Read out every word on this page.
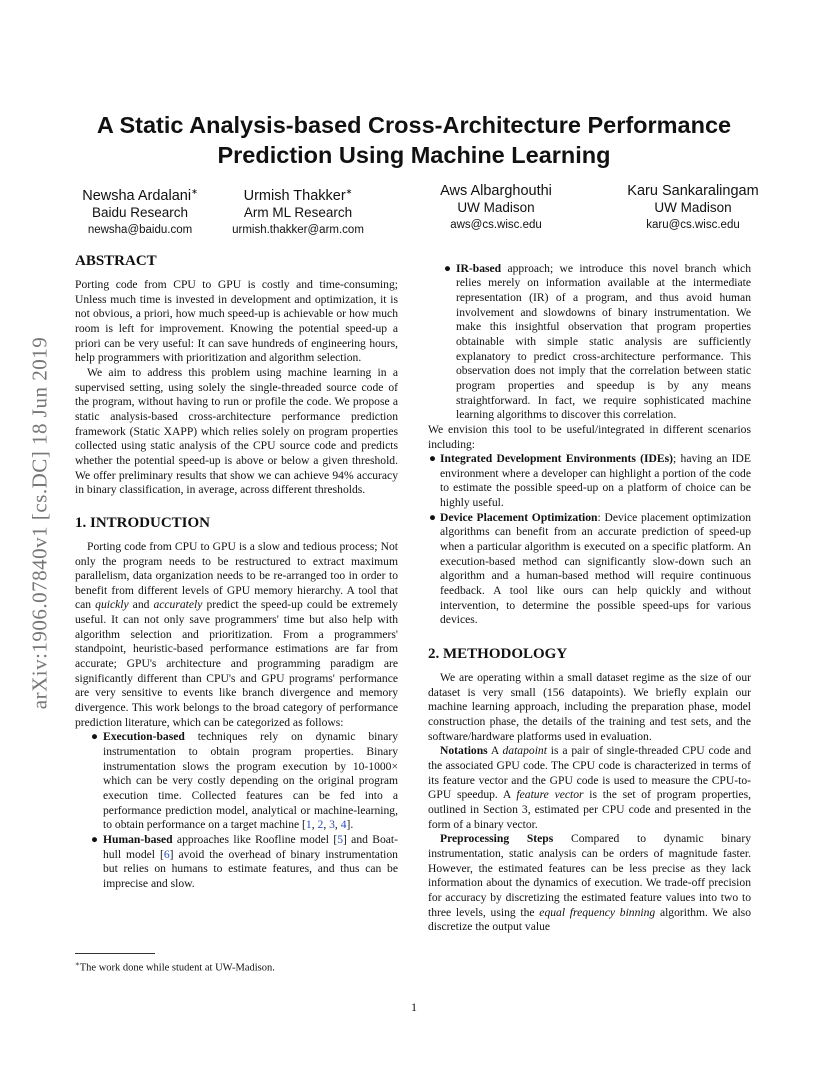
arXiv:1906.07840v1 [cs.DC] 18 Jun 2019
A Static Analysis-based Cross-Architecture Performance
Prediction Using Machine Learning
Newsha Ardalani∗
Baidu Research
newsha@baidu.com
Urmish Thakker∗
Arm ML Research
urmish.thakker@arm.com
Aws Albarghouthi
UW Madison
aws@cs.wisc.edu
Karu Sankaralingam
UW Madison
karu@cs.wisc.edu
ABSTRACT

Porting code from CPU to GPU is costly and time-consuming; Unless much time is invested in development and optimization, it is not obvious, a priori, how much speed-up is achievable or how much room is left for improvement. Knowing the potential speed-up a priori can be very useful: It can save hundreds of engineering hours, help programmers with prioritization and algorithm selection.

We aim to address this problem using machine learning in a supervised setting, using solely the single-threaded source code of the program, without having to run or profile the code. We propose a static analysis-based cross-architecture performance prediction framework (Static XAPP) which relies solely on program properties collected using static analysis of the CPU source code and predicts whether the potential speed-up is above or below a given threshold. We offer preliminary results that show we can achieve 94% accuracy in binary classification, in average, across different thresholds.

1. INTRODUCTION

Porting code from CPU to GPU is a slow and tedious process; Not only the program needs to be restructured to extract maximum parallelism, data organization needs to be re-arranged too in order to benefit from different levels of GPU memory hierarchy. A tool that can quickly and accurately predict the speed-up could be extremely useful. It can not only save programmers' time but also help with algorithm selection and prioritization. From a programmers' standpoint, heuristic-based performance estimations are far from accurate; GPU's architecture and programming paradigm are significantly different than CPU's and GPU programs' performance are very sensitive to events like branch divergence and memory divergence. This work belongs to the broad category of performance prediction literature, which can be categorized as follows:

● Execution-based techniques rely on dynamic binary instrumentation to obtain program properties. Binary instrumentation slows the program execution by 10-1000× which can be very costly depending on the original program execution time. Collected features can be fed into a performance prediction model, analytical or machine-learning, to obtain performance on a target machine [1, 2, 3, 4].
● Human-based approaches like Roofline model [5] and Boat-hull model [6] avoid the overhead of binary instrumentation but relies on humans to estimate features, and thus can be imprecise and slow.
● IR-based approach; we introduce this novel branch which relies merely on information available at the intermediate representation (IR) of a program, and thus avoid human involvement and slowdowns of binary instrumentation. We make this insightful observation that program properties obtainable with simple static analysis are sufficiently explanatory to predict cross-architecture performance. This observation does not imply that the correlation between static program properties and speedup is by any means straightforward. In fact, we require sophisticated machine learning algorithms to discover this correlation.

We envision this tool to be useful/integrated in different scenarios including:

● Integrated Development Environments (IDEs); having an IDE environment where a developer can highlight a portion of the code to estimate the possible speed-up on a platform of choice can be highly useful.
● Device Placement Optimization: Device placement optimization algorithms can benefit from an accurate prediction of speed-up when a particular algorithm is executed on a specific platform. An execution-based method can significantly slow-down such an algorithm and a human-based method will require continuous feedback. A tool like ours can help quickly and without intervention, to determine the possible speed-ups for various devices.
2. METHODOLOGY

We are operating within a small dataset regime as the size of our dataset is very small (156 datapoints). We briefly explain our machine learning approach, including the preparation phase, model construction phase, the details of the training and test sets, and the software/hardware platforms used in evaluation.

Notations A datapoint is a pair of single-threaded CPU code and the associated GPU code. The CPU code is characterized in terms of its feature vector and the GPU code is used to measure the CPU-to-GPU speedup. A feature vector is the set of program properties, outlined in Section 3, estimated per CPU code and presented in the form of a binary vector.

Preprocessing Steps Compared to dynamic binary instrumentation, static analysis can be orders of magnitude faster. However, the estimated features can be less precise as they lack information about the dynamics of execution. We trade-off precision for accuracy by discretizing the estimated feature values into two to three levels, using the equal frequency binning algorithm. We also discretize the output value

∗The work done while student at UW-Madison.
1
